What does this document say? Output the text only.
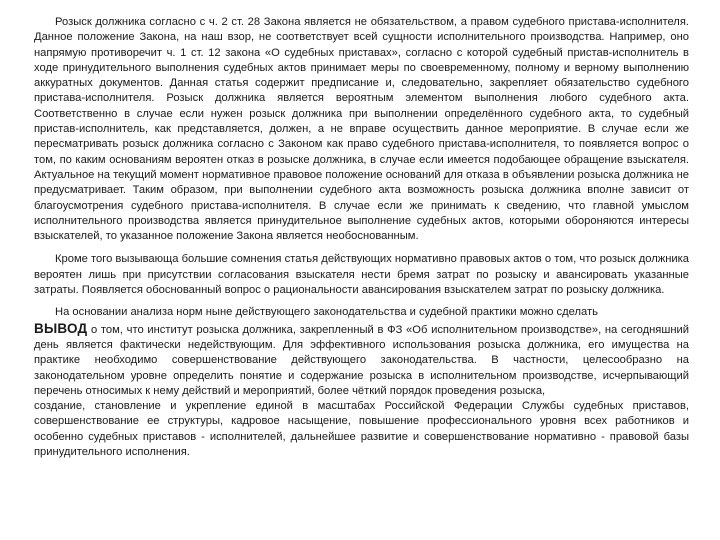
Розыск должника согласно с ч. 2 ст. 28 Закона является не обязательством, а правом судебного пристава-исполнителя. Данное положение Закона, на наш взор, не соответствует всей сущности исполнительного производства. Например, оно напрямую противоречит ч. 1 ст. 12 закона «О судебных приставах», согласно с которой судебный пристав-исполнитель в ходе принудительного выполнения судебных актов принимает меры по своевременному, полному и верному выполнению аккуратных документов. Данная статья содержит предписание и, следовательно, закрепляет обязательство судебного пристава-исполнителя. Розыск должника является вероятным элементом выполнения любого судебного акта. Соответственно в случае если нужен розыск должника при выполнении определённого судебного акта, то судебный пристав-исполнитель, как представляется, должен, а не вправе осуществить данное мероприятие. В случае если же пересматривать розыск должника согласно с Законом как право судебного пристава-исполнителя, то появляется вопрос о том, по каким основаниям вероятен отказ в розыске должника, в случае если имеется подобающее обращение взыскателя. Актуальное на текущий момент нормативное правовое положение оснований для отказа в объявлении розыска должника не предусматривает. Таким образом, при выполнении судебного акта возможность розыска должника вполне зависит от благоусмотрения судебного пристава-исполнителя. В случае если же принимать к сведению, что главной умыслом исполнительного производства является принудительное выполнение судебных актов, которыми обороняются интересы взыскателей, то указанное положение Закона является необоснованным.

Кроме того вызывающа большие сомнения статья действующих нормативно правовых актов о том, что розыск должника вероятен лишь при присутствии согласования взыскателя нести бремя затрат по розыску и авансировать указанные затраты. Появляется обоснованный вопрос о рациональности авансирования взыскателем затрат по розыску должника.

На основании анализа норм ныне действующего законодательства и судебной практики можно сделать
ВЫВОД о том, что институт розыска должника, закрепленный в ФЗ «Об исполнительном производстве», на сегодняшний день является фактически недействующим. Для эффективного использования розыска должника, его имущества на практике необходимо совершенствование действующего законодательства. В частности, целесообразно на законодательном уровне определить понятие и содержание розыска в исполнительном производстве, исчерпывающий перечень относимых к нему действий и мероприятий, более чёткий порядок проведения розыска,

создание, становление и укрепление единой в масштабах Российской Федерации Службы судебных приставов, совершенствование ее структуры, кадровое насыщение, повышение профессионального уровня всех работников и особенно судебных приставов - исполнителей, дальнейшее развитие и совершенствование нормативно - правовой базы принудительного исполнения.
